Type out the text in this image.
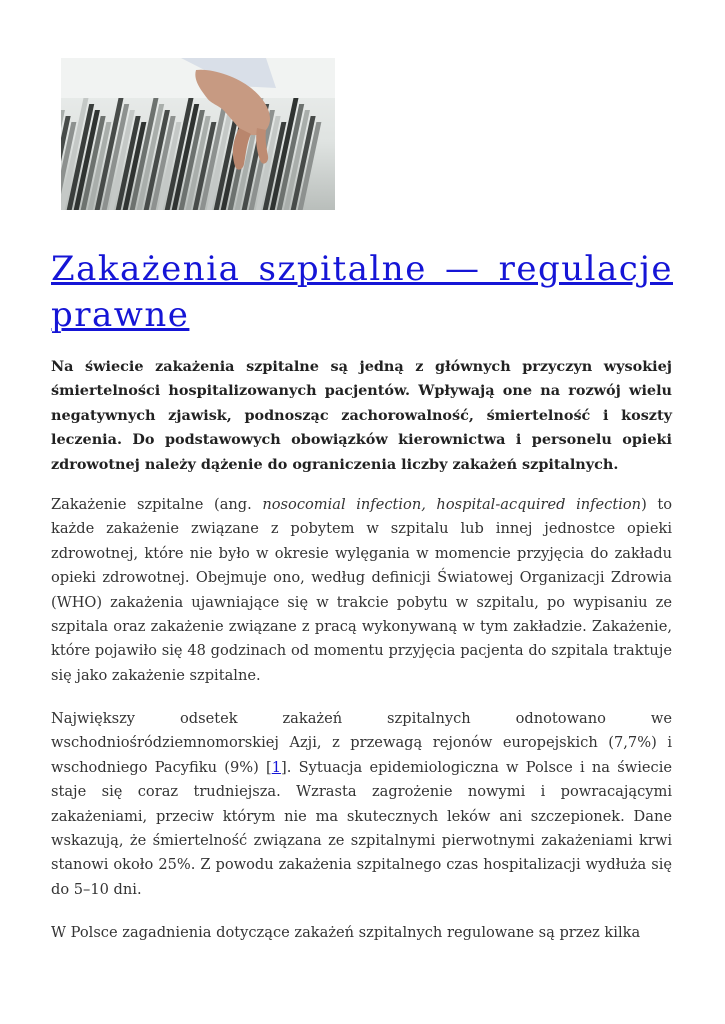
Zakażenia szpitalne — regulacje prawne

Na świecie zakażenia szpitalne są jedną z głównych przyczyn wysokiej śmiertelności hospitalizowanych pacjentów. Wpływają one na rozwój wielu negatywnych zjawisk, podnosząc zachorowalność, śmiertelność i koszty leczenia. Do podstawowych obowiązków kierownictwa i personelu opieki zdrowotnej należy dążenie do ograniczenia liczby zakażeń szpitalnych.

Zakażenie szpitalne (ang. nosocomial infection, hospital-acquired infection) to każde zakażenie związane z pobytem w szpitalu lub innej jednostce opieki zdrowotnej, które nie było w okresie wylęgania w momencie przyjęcia do zakładu opieki zdrowotnej. Obejmuje ono, według definicji Światowej Organizacji Zdrowia (WHO) zakażenia ujawniające się w trakcie pobytu w szpitalu, po wypisaniu ze szpitala oraz zakażenie związane z pracą wykonywaną w tym zakładzie. Zakażenie, które pojawiło się 48 godzinach od momentu przyjęcia pacjenta do szpitala traktuje się jako zakażenie szpitalne.

Największy odsetek zakażeń szpitalnych odnotowano we wschodniośródziemnomorskiej Azji, z przewagą rejonów europejskich (7,7%) i wschodniego Pacyfiku (9%) [1]. Sytuacja epidemiologiczna w Polsce i na świecie staje się coraz trudniejsza. Wzrasta zagrożenie nowymi i powracającymi zakażeniami, przeciw którym nie ma skutecznych leków ani szczepionek. Dane wskazują, że śmiertelność związana ze szpitalnymi pierwotnymi zakażeniami krwi stanowi około 25%. Z powodu zakażenia szpitalnego czas hospitalizacji wydłuża się do 5–10 dni.

W Polsce zagadnienia dotyczące zakażeń szpitalnych regulowane są przez kilka
